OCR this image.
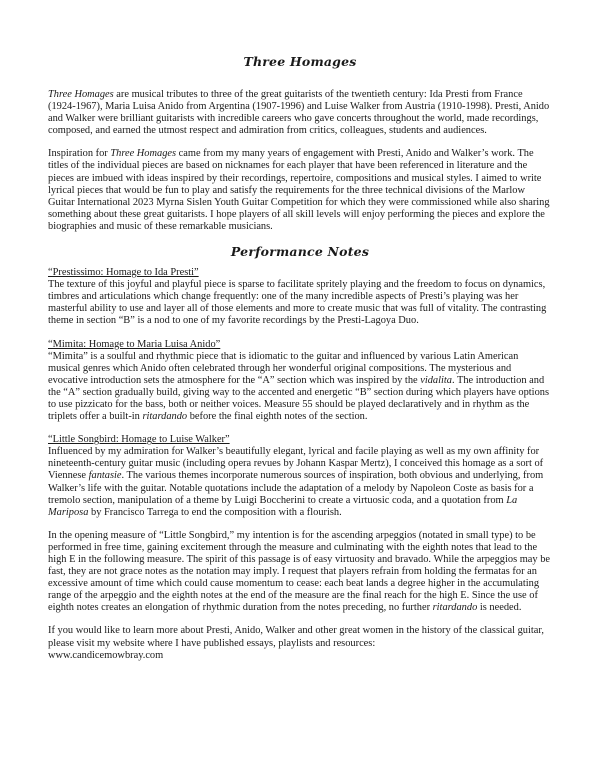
Three Homages

Three Homages are musical tributes to three of the great guitarists of the twentieth century: Ida Presti from France (1924-1967), Maria Luisa Anido from Argentina (1907-1996) and Luise Walker from Austria (1910-1998). Presti, Anido and Walker were brilliant guitarists with incredible careers who gave concerts throughout the world, made recordings, composed, and earned the utmost respect and admiration from critics, colleagues, students and audiences.

Inspiration for Three Homages came from my many years of engagement with Presti, Anido and Walker’s work. The titles of the individual pieces are based on nicknames for each player that have been referenced in literature and the pieces are imbued with ideas inspired by their recordings, repertoire, compositions and musical styles. I aimed to write lyrical pieces that would be fun to play and satisfy the requirements for the three technical divisions of the Marlow Guitar International 2023 Myrna Sislen Youth Guitar Competition for which they were commissioned while also sharing something about these great guitarists. I hope players of all skill levels will enjoy performing the pieces and explore the biographies and music of these remarkable musicians.

Performance Notes
“Prestissimo: Homage to Ida Presti”

The texture of this joyful and playful piece is sparse to facilitate spritely playing and the freedom to focus on dynamics, timbres and articulations which change frequently: one of the many incredible aspects of Presti’s playing was her masterful ability to use and layer all of those elements and more to create music that was full of vitality. The contrasting theme in section “B” is a nod to one of my favorite recordings by the Presti-Lagoya Duo.

“Mimita: Homage to Maria Luisa Anido”

“Mimita” is a soulful and rhythmic piece that is idiomatic to the guitar and influenced by various Latin American musical genres which Anido often celebrated through her wonderful original compositions. The mysterious and evocative introduction sets the atmosphere for the “A” section which was inspired by the vidalita. The introduction and the “A” section gradually build, giving way to the accented and energetic “B” section during which players have options to use pizzicato for the bass, both or neither voices. Measure 55 should be played declaratively and in rhythm as the triplets offer a built-in ritardando before the final eighth notes of the section.

“Little Songbird: Homage to Luise Walker”

Influenced by my admiration for Walker’s beautifully elegant, lyrical and facile playing as well as my own affinity for nineteenth-century guitar music (including opera revues by Johann Kaspar Mertz), I conceived this homage as a sort of Viennese fantasie. The various themes incorporate numerous sources of inspiration, both obvious and underlying, from Walker’s life with the guitar. Notable quotations include the adaptation of a melody by Napoleon Coste as basis for a tremolo section, manipulation of a theme by Luigi Boccherini to create a virtuosic coda, and a quotation from La Mariposa by Francisco Tarrega to end the composition with a flourish.

In the opening measure of “Little Songbird,” my intention is for the ascending arpeggios (notated in small type) to be performed in free time, gaining excitement through the measure and culminating with the eighth notes that lead to the high E in the following measure. The spirit of this passage is of easy virtuosity and bravado. While the arpeggios may be fast, they are not grace notes as the notation may imply. I request that players refrain from holding the fermatas for an excessive amount of time which could cause momentum to cease: each beat lands a degree higher in the accumulating range of the arpeggio and the eighth notes at the end of the measure are the final reach for the high E. Since the use of eighth notes creates an elongation of rhythmic duration from the notes preceding, no further ritardando is needed.

If you would like to learn more about Presti, Anido, Walker and other great women in the history of the classical guitar, please visit my website where I have published essays, playlists and resources:
www.candicemowbray.com
